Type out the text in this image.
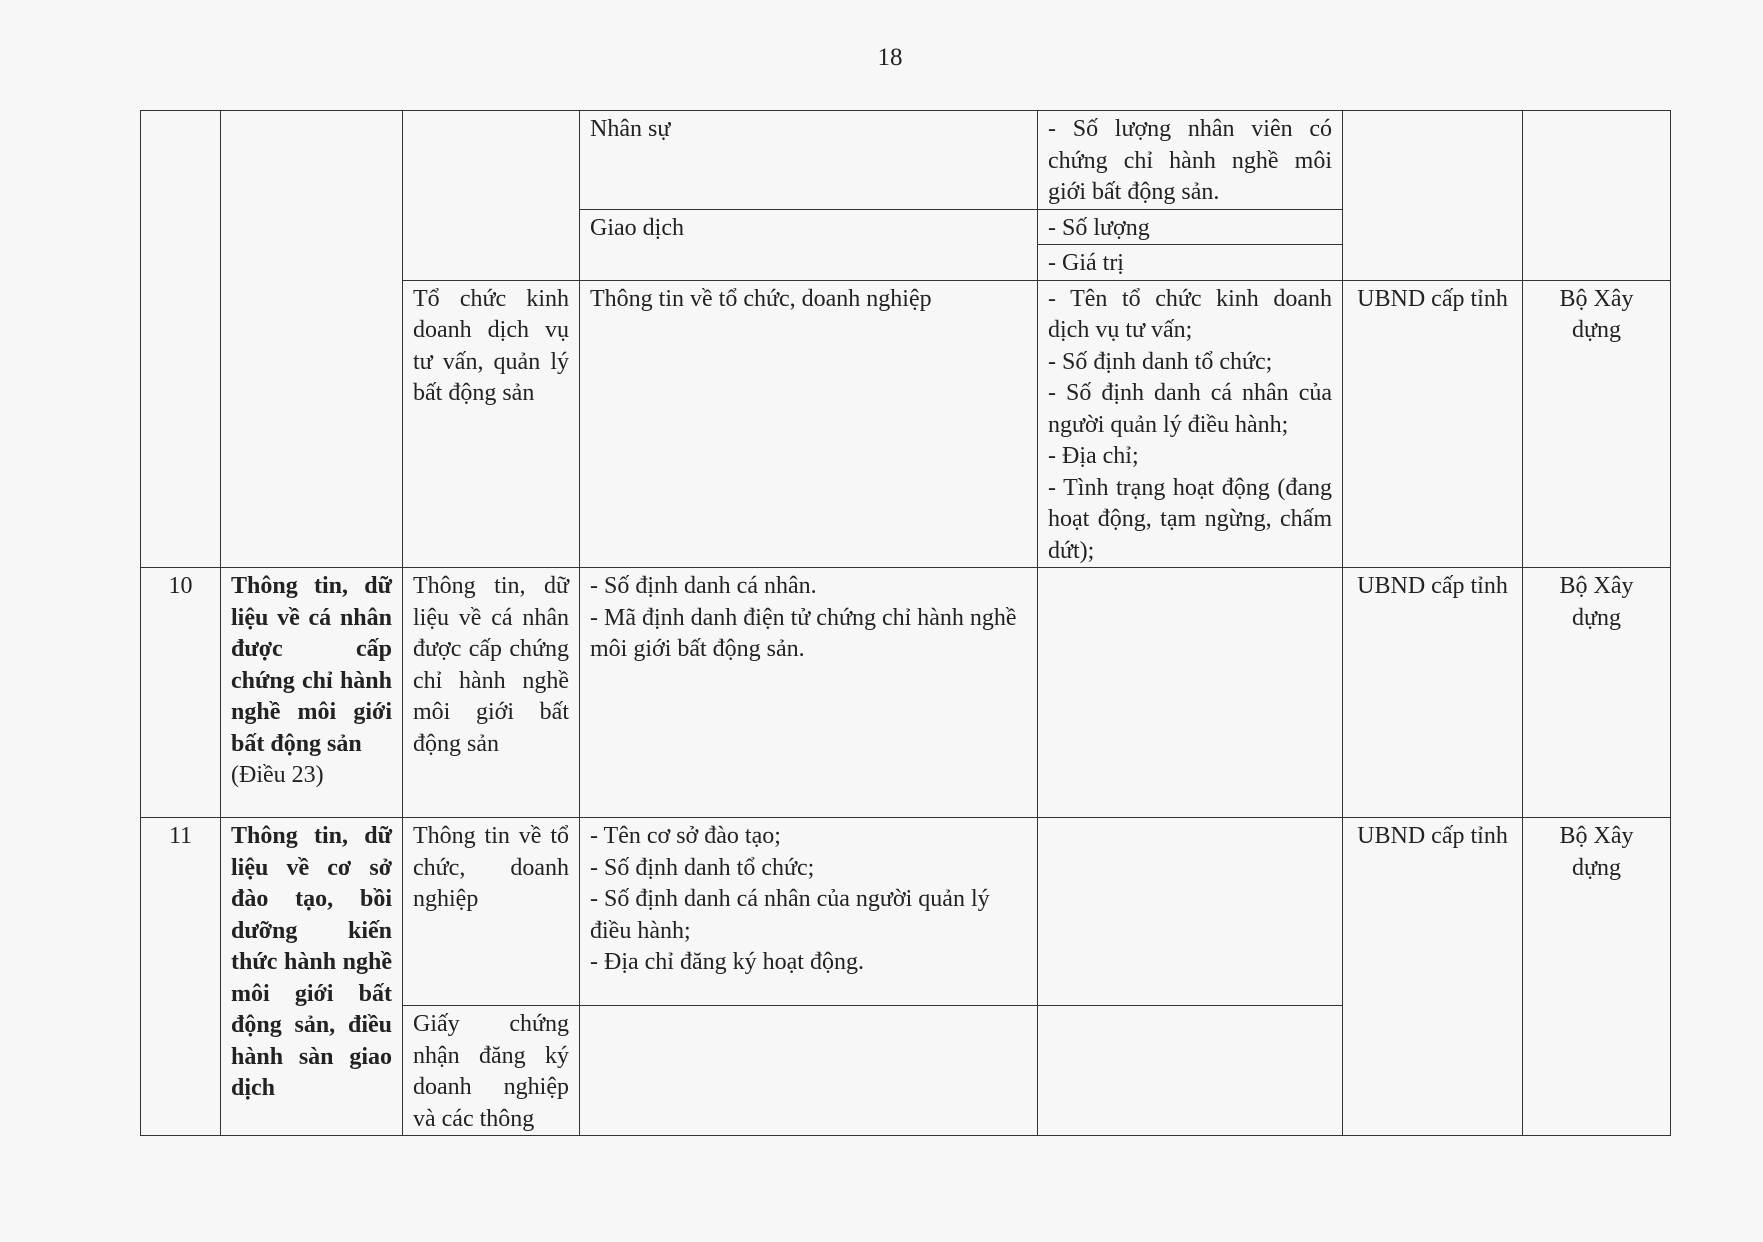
18
			Nhân sự	- Số lượng nhân viên có chứng chỉ hành nghề môi giới bất động sản.		
			Giao dịch	- Số lượng		
				- Giá trị		
		Tổ chức kinh doanh dịch vụ tư vấn, quản lý bất động sản	Thông tin về tổ chức, doanh nghiệp	- Tên tổ chức kinh doanh dịch vụ tư vấn;
- Số định danh tổ chức;
- Số định danh cá nhân của người quản lý điều hành;
- Địa chỉ;
- Tình trạng hoạt động (đang hoạt động, tạm ngừng, chấm dứt);	UBND cấp tỉnh	Bộ Xây dựng
10	Thông tin, dữ liệu về cá nhân được cấp chứng chỉ hành nghề môi giới bất động sản
(Điều 23)	Thông tin, dữ liệu về cá nhân được cấp chứng chỉ hành nghề môi giới bất động sản	- Số định danh cá nhân.
- Mã định danh điện tử chứng chỉ hành nghề môi giới bất động sản.		UBND cấp tỉnh	Bộ Xây dựng
11	Thông tin, dữ liệu về cơ sở đào tạo, bồi dưỡng kiến thức hành nghề môi giới bất động sản, điều hành sàn giao dịch	Thông tin về tổ chức, doanh nghiệp	- Tên cơ sở đào tạo;
- Số định danh tổ chức;
- Số định danh cá nhân của người quản lý điều hành;
- Địa chỉ đăng ký hoạt động.		UBND cấp tỉnh	Bộ Xây dựng
		Giấy chứng nhận đăng ký doanh nghiệp và các thông				
